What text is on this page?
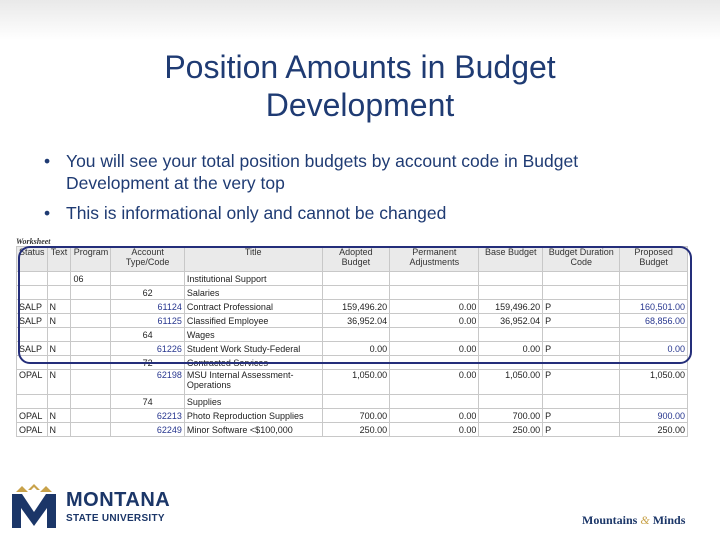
Position Amounts in Budget
Development
• You will see your total position budgets by account code in Budget
Development at the very top
• This is informational only and cannot be changed
Worksheet
Status	Text	Program	Account Type/Code	Title	Adopted Budget	Permanent Adjustments	Base Budget	Budget Duration Code	Proposed Budget
		06		Institutional Support					
			62	Salaries					
SALP	N		61124	Contract Professional	159,496.20	0.00	159,496.20	P	160,501.00
SALP	N		61125	Classified Employee	36,952.04	0.00	36,952.04	P	68,856.00
			64	Wages					
SALP	N		61226	Student Work Study-Federal	0.00	0.00	0.00	P	0.00
			72	Contracted Services					
OPAL	N		62198	MSU Internal Assessment-Operations	1,050.00	0.00	1,050.00	P	1,050.00
			74	Supplies					
OPAL	N		62213	Photo Reproduction Supplies	700.00	0.00	700.00	P	900.00
OPAL	N		62249	Minor Software <$100,000	250.00	0.00	250.00	P	250.00
MONTANA
STATE UNIVERSITY	Mountains & Minds
